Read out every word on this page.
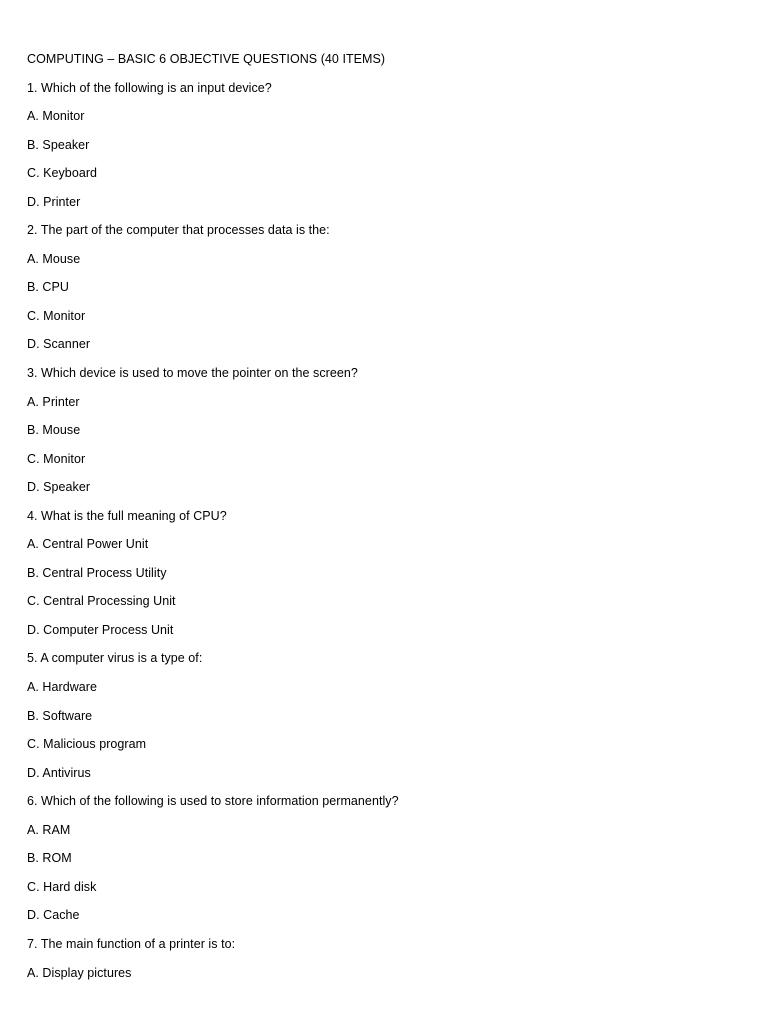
COMPUTING – BASIC 6 OBJECTIVE QUESTIONS (40 ITEMS)
1. Which of the following is an input device?
A. Monitor
B. Speaker
C. Keyboard
D. Printer
2. The part of the computer that processes data is the:
A. Mouse
B. CPU
C. Monitor
D. Scanner
3. Which device is used to move the pointer on the screen?
A. Printer
B. Mouse
C. Monitor
D. Speaker
4. What is the full meaning of CPU?
A. Central Power Unit
B. Central Process Utility
C. Central Processing Unit
D. Computer Process Unit
5. A computer virus is a type of:
A. Hardware
B. Software
C. Malicious program
D. Antivirus
6. Which of the following is used to store information permanently?
A. RAM
B. ROM
C. Hard disk
D. Cache
7. The main function of a printer is to:
A. Display pictures
